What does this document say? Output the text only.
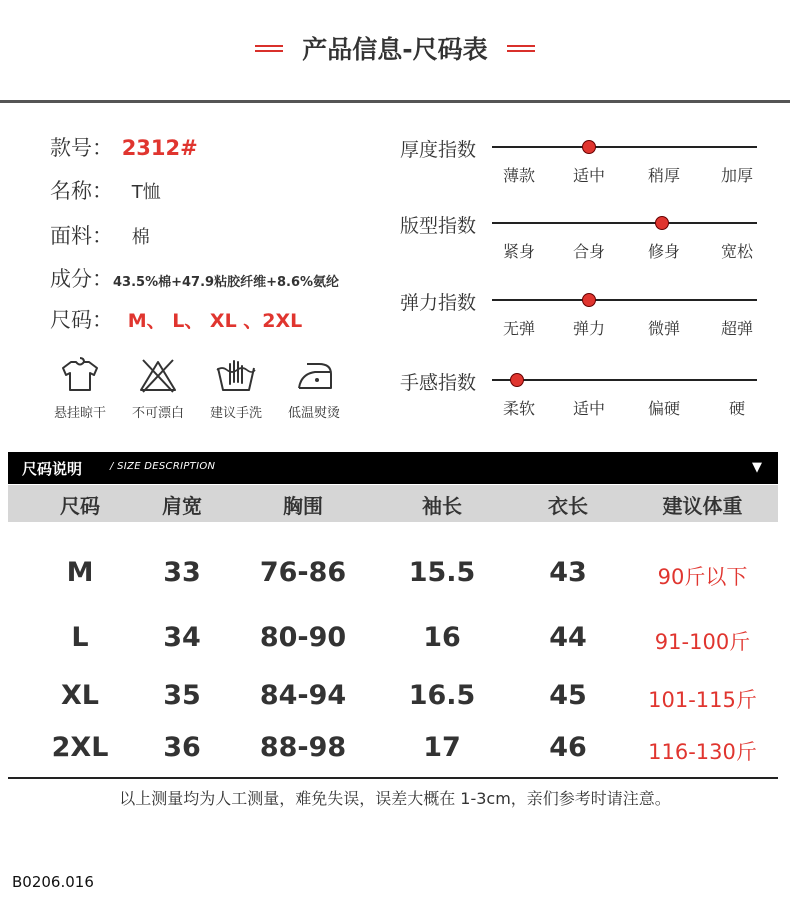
产品信息-尺码表
款号： 2312#
名称： T恤
面料： 棉
成分：43.5%棉+47.9粘胶纤维+8.6%氨纶
尺码： M、 L、 XL 、2XL
悬挂晾干	不可漂白	建议手洗	低温熨烫
厚度指数
薄款	适中	稍厚	加厚
版型指数
紧身	合身	修身	宽松
弹力指数
无弹	弹力	微弹	超弹
手感指数
柔软	适中	偏硬	硬
尺码说明	/ SIZE DESCRIPTION	▼
尺码	肩宽	胸围	袖长	衣长	建议体重
M	33	76-86	15.5	43	90斤以下
L	34	80-90	16	44	91-100斤
XL	35	84-94	16.5	45	101-115斤
2XL	36	88-98	17	46	116-130斤
以上测量均为人工测量，难免失误，误差大概在 1-3cm，亲们参考时请注意。
B0206.016
